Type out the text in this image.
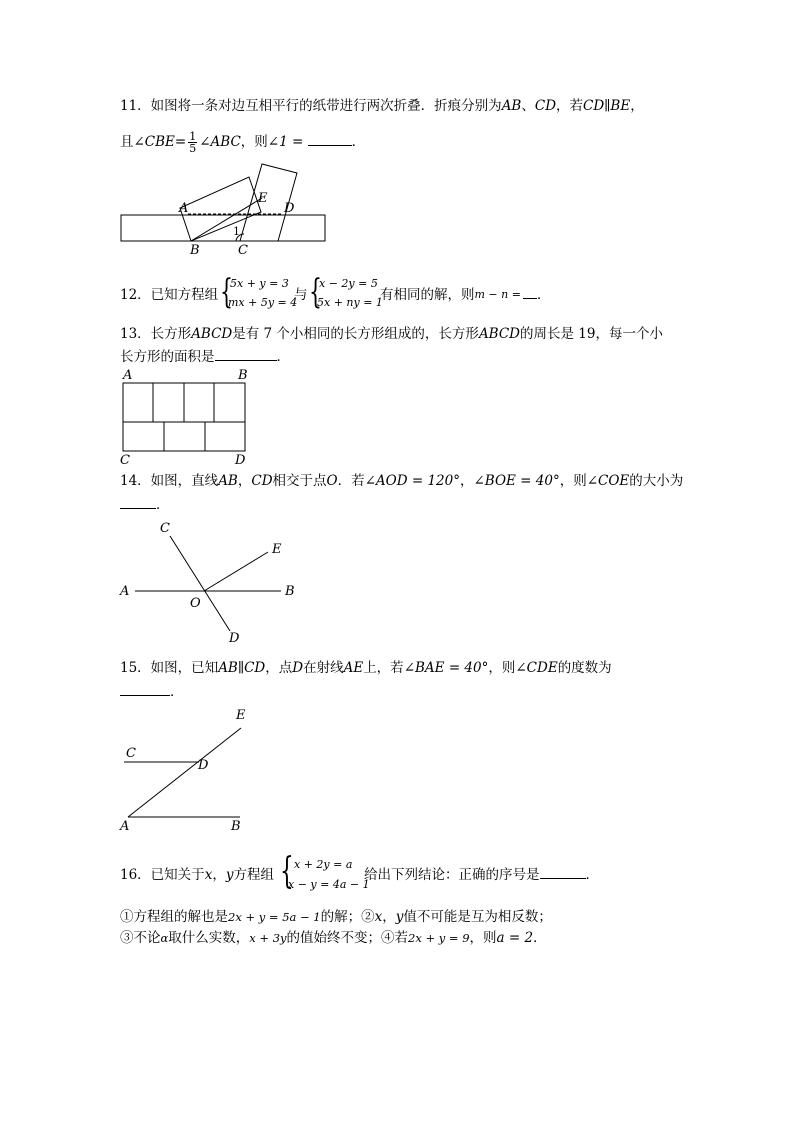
11．如图将一条对边互相平行的纸带进行两次折叠．折痕分别为AB、CD，若CD∥BE，
且∠CBE= $\frac{1}{5}$ ∠ABC，则∠1 =	．
A
E
D
B	C
1
12．已知方程组 {
5x + y = 3
mx + 5y = 4
与 {
x − 2y = 5
5x + ny = 1
有相同的解，则$^{m - n =}$ ．
13．长方形ABCD是有 7 个小相同的长方形组成的，长方形ABCD的周长是 19，每一个小
长方形的面积是	．
A	B
C	D
14．如图，直线AB，CD相交于点O．若∠AOD = 120°，∠BOE = 40°，则∠COE的大小为
．
A	B
C
D
E
O
15．如图，已知AB∥CD，点D在射线AE上，若∠BAE = 40°，则∠CDE的度数为
．
A	B
C
D
E
16．已知关于x，y方程组 { x + 2y = a
x − y = 4a − 1
给出下列结论：正确的序号是	．
①方程组的解也是2x + y = 5a − 1的解；②x，y值不可能是互为相反数；
③不论α取什么实数，x + 3y的值始终不变；④若2x + y = 9，则a = 2．
